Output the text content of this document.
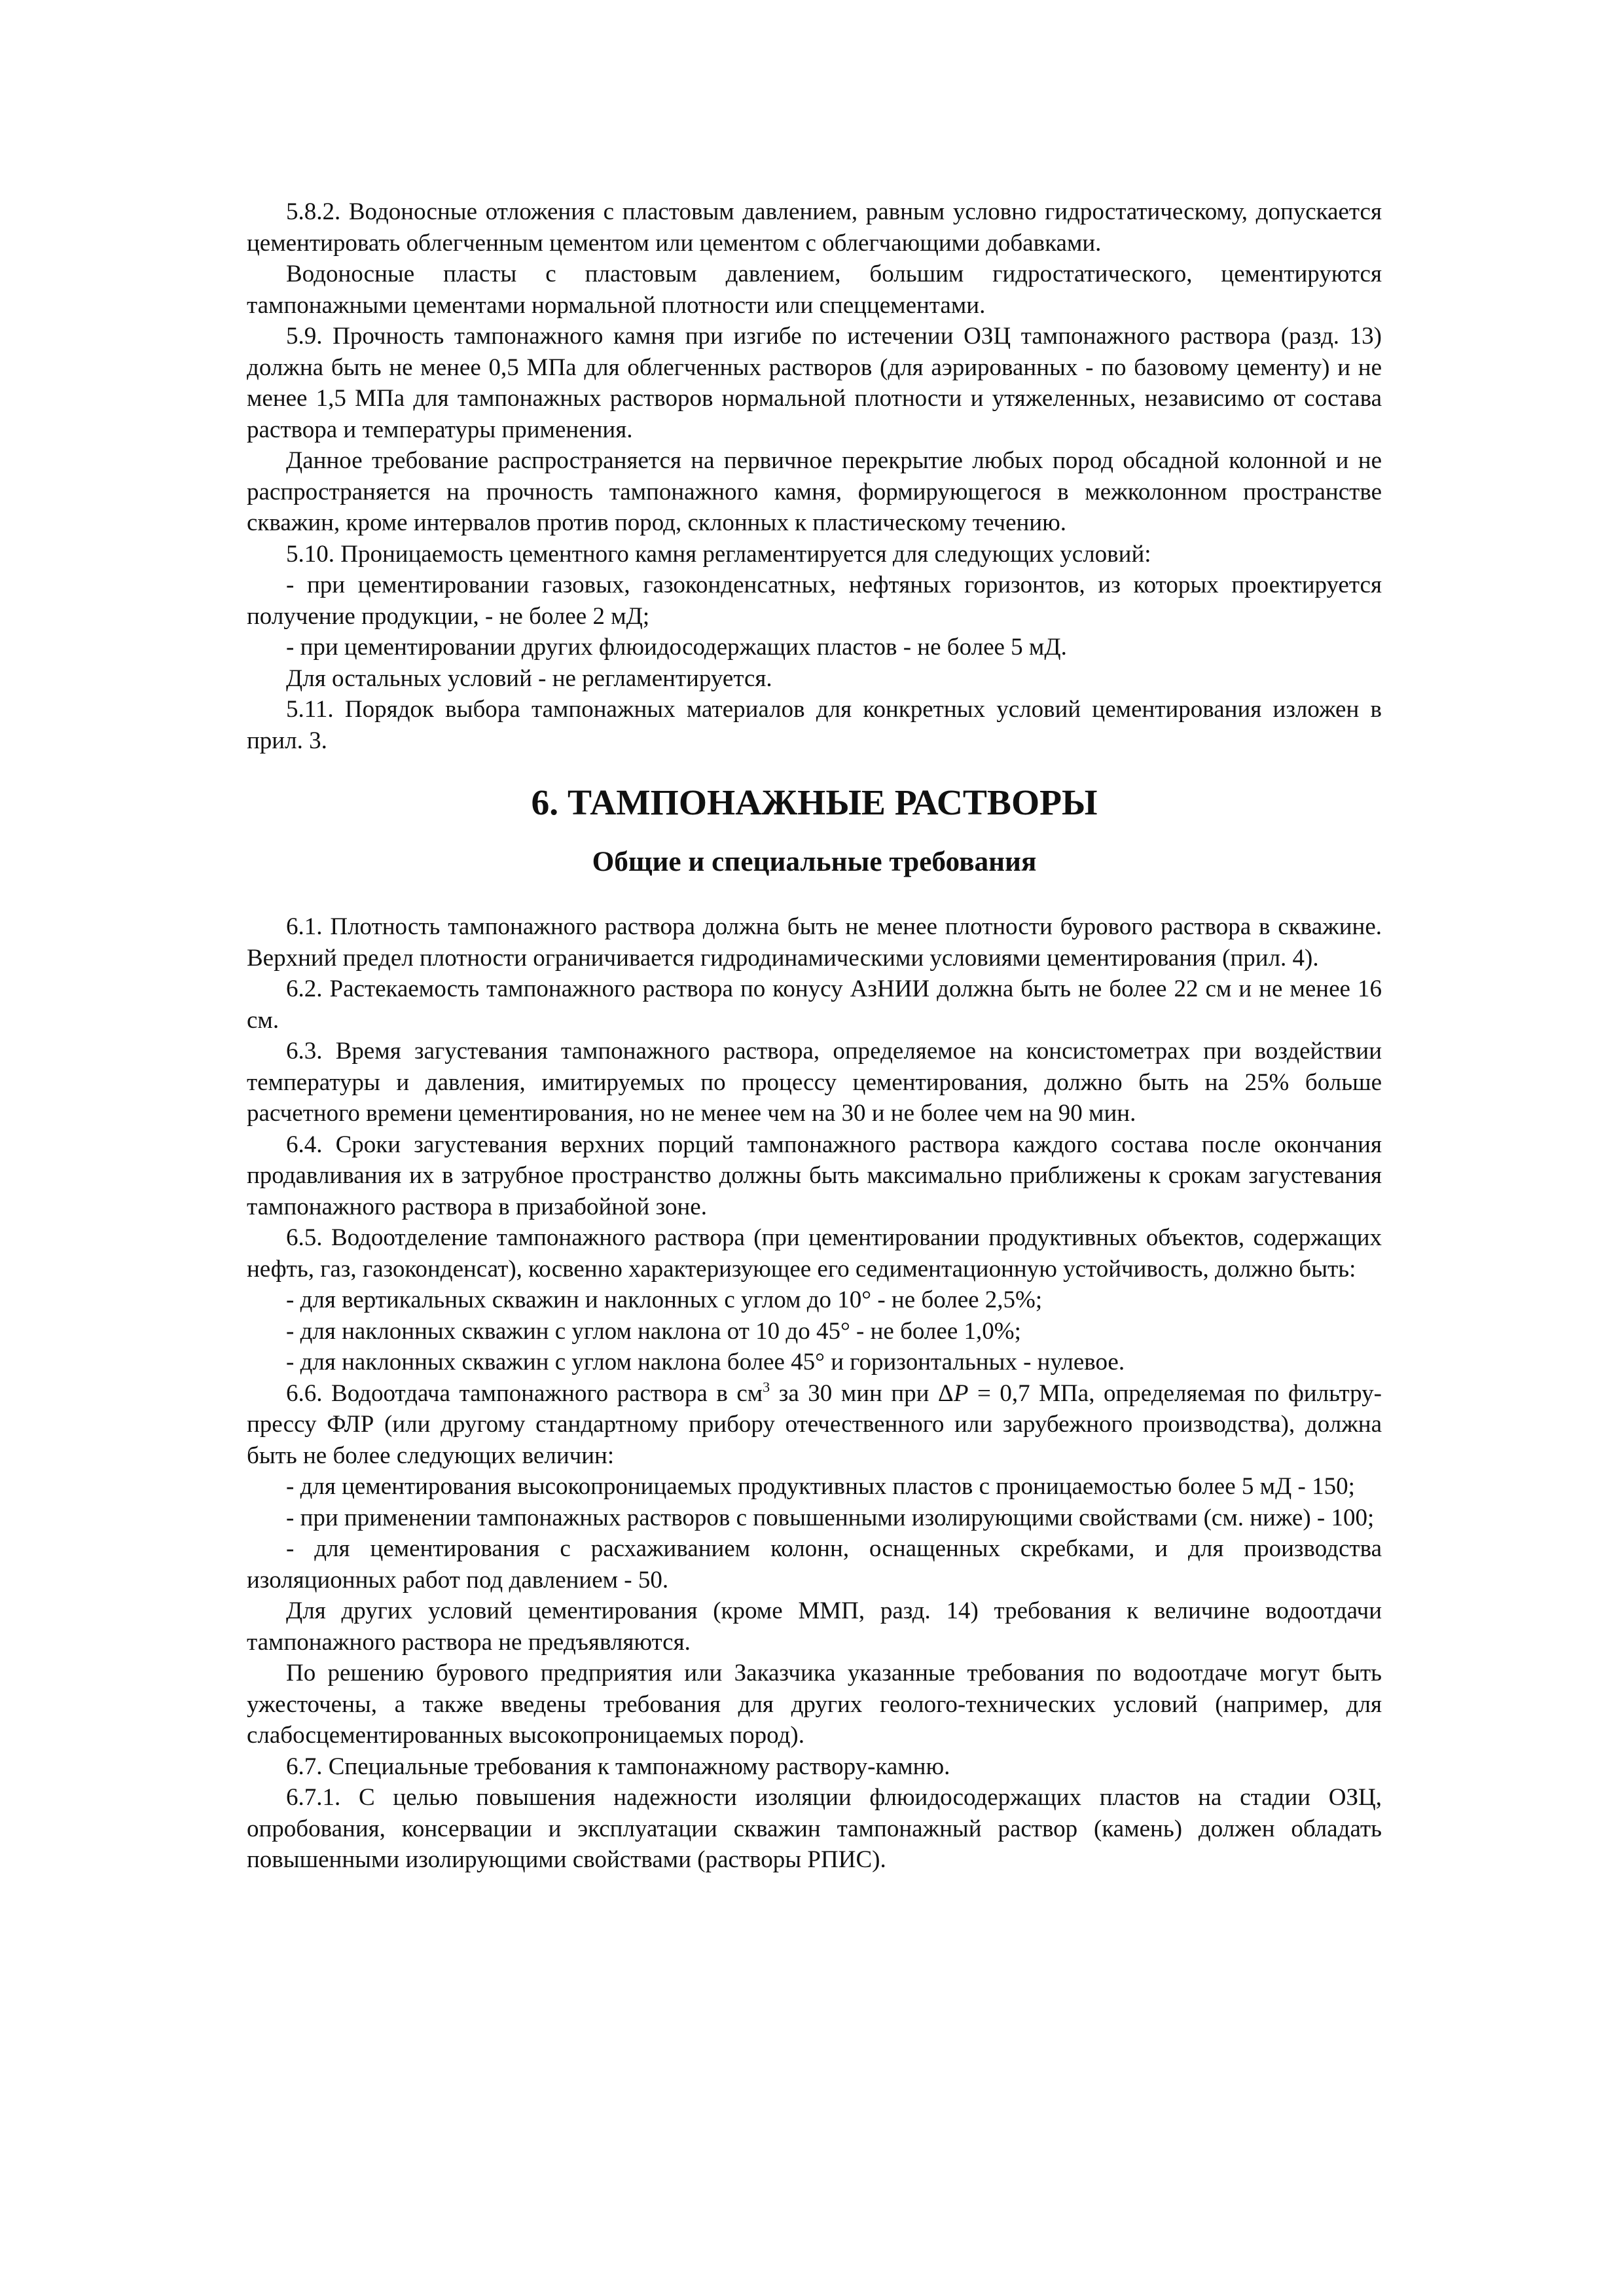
5.8.2. Водоносные отложения с пластовым давлением, равным условно гидростатическому, допускается цементировать облегченным цементом или цементом с облегчающими добавками.

Водоносные пласты с пластовым давлением, большим гидростатического, цементируются тампонажными цементами нормальной плотности или спеццементами.

5.9. Прочность тампонажного камня при изгибе по истечении ОЗЦ тампонажного раствора (разд. 13) должна быть не менее 0,5 МПа для облегченных растворов (для аэрированных - по базовому цементу) и не менее 1,5 МПа для тампонажных растворов нормальной плотности и утяжеленных, независимо от состава раствора и температуры применения.

Данное требование распространяется на первичное перекрытие любых пород обсадной колонной и не распространяется на прочность тампонажного камня, формирующегося в межколонном пространстве скважин, кроме интервалов против пород, склонных к пластическому течению.

5.10. Проницаемость цементного камня регламентируется для следующих условий:

- при цементировании газовых, газоконденсатных, нефтяных горизонтов, из которых проектируется получение продукции, - не более 2 мД;

- при цементировании других флюидосодержащих пластов - не более 5 мД.

Для остальных условий - не регламентируется.

5.11. Порядок выбора тампонажных материалов для конкретных условий цементирования изложен в прил. 3.

6. ТАМПОНАЖНЫЕ РАСТВОРЫ
Общие и специальные требования

6.1. Плотность тампонажного раствора должна быть не менее плотности бурового раствора в скважине. Верхний предел плотности ограничивается гидродинамическими условиями цементирования (прил. 4).

6.2. Растекаемость тампонажного раствора по конусу АзНИИ должна быть не более 22 см и не менее 16 см.

6.3. Время загустевания тампонажного раствора, определяемое на консистометрах при воздействии температуры и давления, имитируемых по процессу цементирования, должно быть на 25% больше расчетного времени цементирования, но не менее чем на 30 и не более чем на 90 мин.

6.4. Сроки загустевания верхних порций тампонажного раствора каждого состава после окончания продавливания их в затрубное пространство должны быть максимально приближены к срокам загустевания тампонажного раствора в призабойной зоне.

6.5. Водоотделение тампонажного раствора (при цементировании продуктивных объектов, содержащих нефть, газ, газоконденсат), косвенно характеризующее его седиментационную устойчивость, должно быть:

- для вертикальных скважин и наклонных с углом до 10° - не более 2,5%;

- для наклонных скважин с углом наклона от 10 до 45° - не более 1,0%;

- для наклонных скважин с углом наклона более 45° и горизонтальных - нулевое.

6.6. Водоотдача тампонажного раствора в $см^3$ за 30 мин при ΔP = 0,7 МПа, определяемая по фильтру-прессу ФЛР (или другому стандартному прибору отечественного или зарубежного производства), должна быть не более следующих величин:

- для цементирования высокопроницаемых продуктивных пластов с проницаемостью более 5 мД - 150;

- при применении тампонажных растворов с повышенными изолирующими свойствами (см. ниже) - 100;

- для цементирования с расхаживанием колонн, оснащенных скребками, и для производства изоляционных работ под давлением - 50.

Для других условий цементирования (кроме ММП, разд. 14) требования к величине водоотдачи тампонажного раствора не предъявляются.

По решению бурового предприятия или Заказчика указанные требования по водоотдаче могут быть ужесточены, а также введены требования для других геолого-технических условий (например, для слабосцементированных высокопроницаемых пород).

6.7. Специальные требования к тампонажному раствору-камню.

6.7.1. С целью повышения надежности изоляции флюидосодержащих пластов на стадии ОЗЦ, опробования, консервации и эксплуатации скважин тампонажный раствор (камень) должен обладать повышенными изолирующими свойствами (растворы РПИС).
